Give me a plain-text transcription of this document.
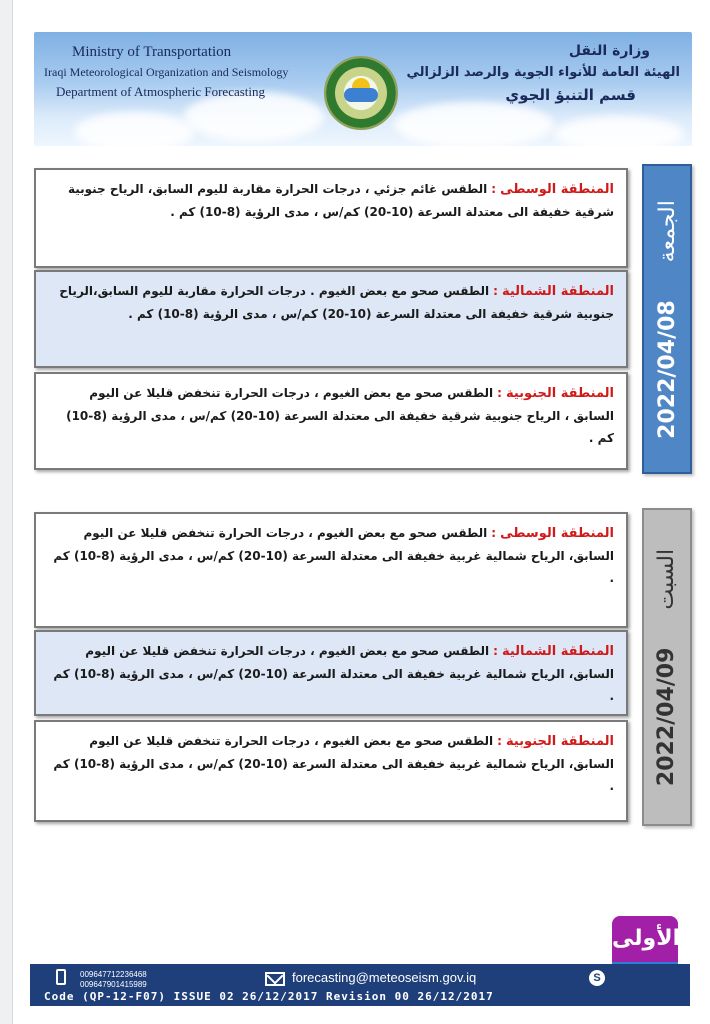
Ministry of Transportation
Iraqi Meteorological Organization and Seismology
Department of Atmospheric Forecasting
وزارة النقل
الهيئة العامة للأنواء الجوية والرصد الزلزالي
قسم التنبؤ الجوي
2022/04/08
الجمعة
المنطقة الوسطى:الطقس غائم جزئي ، درجات الحرارة مقاربة لليوم السابق، الرياح جنوبية شرقية خفيفة الى معتدلة السرعة (10-20) كم/س ، مدى الرؤية (8-10) كم .
المنطقة الشمالية:الطقس صحو مع بعض الغيوم . درجات الحرارة مقاربة لليوم السابق،الرياح جنوبية شرقية خفيفة الى معتدلة السرعة (10-20) كم/س ، مدى الرؤية (8-10) كم .
المنطقة الجنوبية:الطقس صحو مع بعض الغيوم ، درجات الحرارة تنخفض قليلا عن اليوم السابق ، الرياح جنوبية شرقية خفيفة الى معتدلة السرعة (10-20) كم/س ، مدى الرؤية (8-10) كم .
2022/04/09
السبت
المنطقة الوسطى:الطقس صحو مع بعض الغيوم ، درجات الحرارة تنخفض قليلا عن اليوم السابق، الرياح شمالية غربية خفيفة الى معتدلة السرعة (10-20) كم/س ، مدى الرؤية (8-10) كم .
المنطقة الشمالية:الطقس صحو مع بعض الغيوم ، درجات الحرارة تنخفض قليلا عن اليوم السابق، الرياح شمالية غربية خفيفة الى معتدلة السرعة (10-20) كم/س ، مدى الرؤية (8-10) كم .
المنطقة الجنوبية:الطقس صحو مع بعض الغيوم ، درجات الحرارة تنخفض قليلا عن اليوم السابق، الرياح شمالية غربية خفيفة الى معتدلة السرعة (10-20) كم/س ، مدى الرؤية (8-10) كم .
الأولى
009647712236468
009647901415989	forecasting@meteoseism.gov.iq	S
Code (QP-12-F07) ISSUE 02 26/12/2017 Revision 00 26/12/2017
